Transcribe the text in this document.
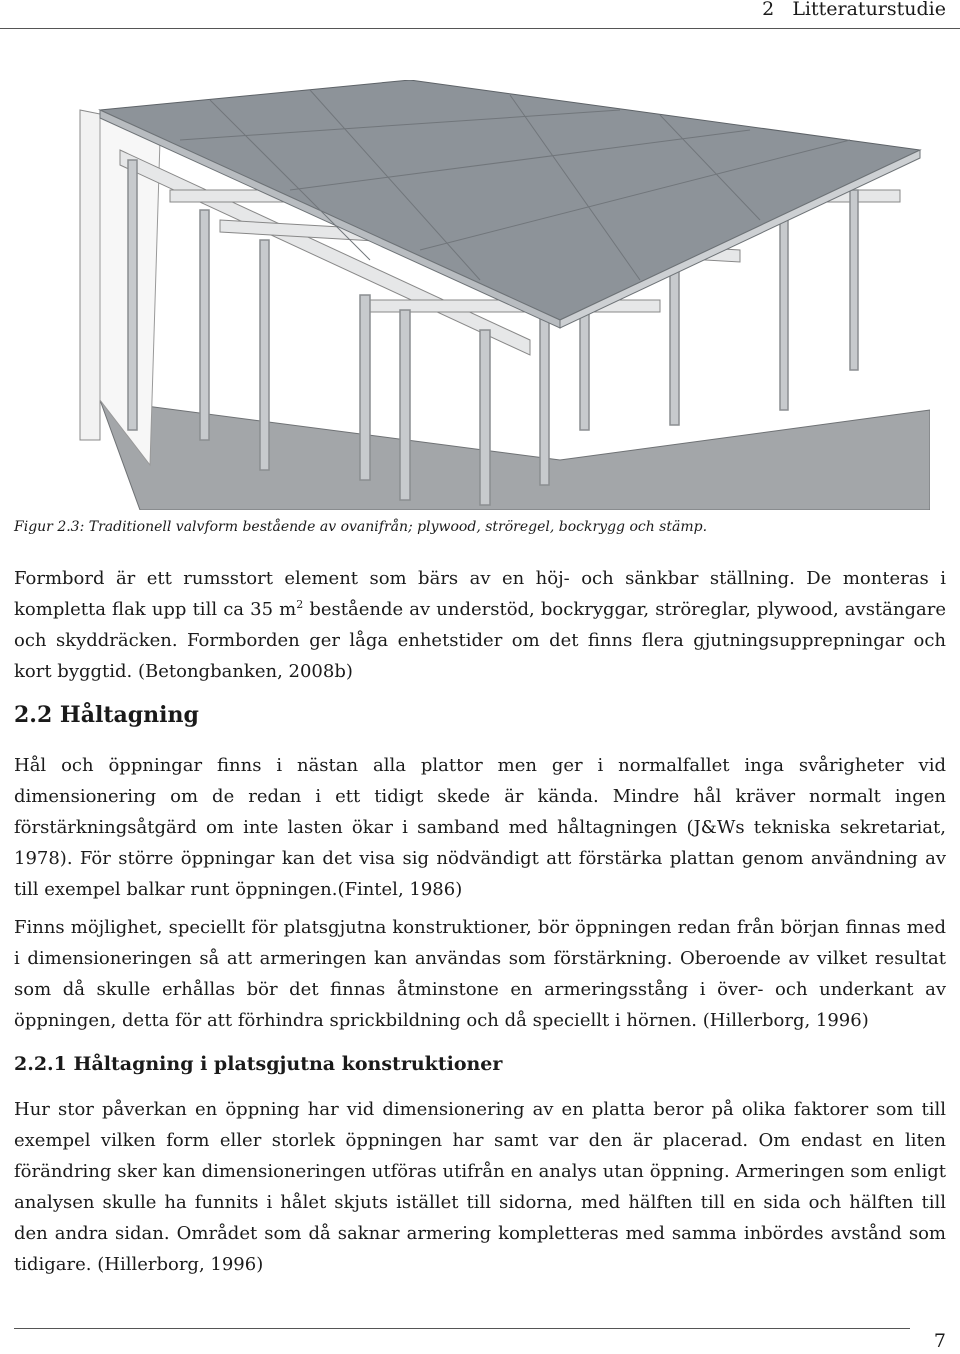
2 Litteraturstudie
Figur 2.3: Traditionell valvform bestående av ovanifrån; plywood, ströregel, bockrygg och stämp.

Formbord är ett rumsstort element som bärs av en höj- och sänkbar ställning. De monteras i kompletta flak upp till ca 35 $m^2$ bestående av understöd, bockryggar, ströreglar, plywood, avstängare och skyddräcken. Formborden ger låga enhetstider om det finns flera gjutningsupprepningar och kort byggtid. (Betongbanken, 2008b)

2.2 Håltagning

Hål och öppningar finns i nästan alla plattor men ger i normalfallet inga svårigheter vid dimensionering om de redan i ett tidigt skede är kända. Mindre hål kräver normalt ingen förstärkningsåtgärd om inte lasten ökar i samband med håltagningen (J&Ws tekniska sekretariat, 1978). För större öppningar kan det visa sig nödvändigt att förstärka plattan genom användning av till exempel balkar runt öppningen.(Fintel, 1986)

Finns möjlighet, speciellt för platsgjutna konstruktioner, bör öppningen redan från början finnas med i dimensioneringen så att armeringen kan användas som förstärkning. Oberoende av vilket resultat som då skulle erhållas bör det finnas åtminstone en armeringsstång i över- och underkant av öppningen, detta för att förhindra sprickbildning och då speciellt i hörnen. (Hillerborg, 1996)

2.2.1 Håltagning i platsgjutna konstruktioner

Hur stor påverkan en öppning har vid dimensionering av en platta beror på olika faktorer som till exempel vilken form eller storlek öppningen har samt var den är placerad. Om endast en liten förändring sker kan dimensioneringen utföras utifrån en analys utan öppning. Armeringen som enligt analysen skulle ha funnits i hålet skjuts istället till sidorna, med hälften till en sida och hälften till den andra sidan. Området som då saknar armering kompletteras med samma inbördes avstånd som tidigare. (Hillerborg, 1996)

7
